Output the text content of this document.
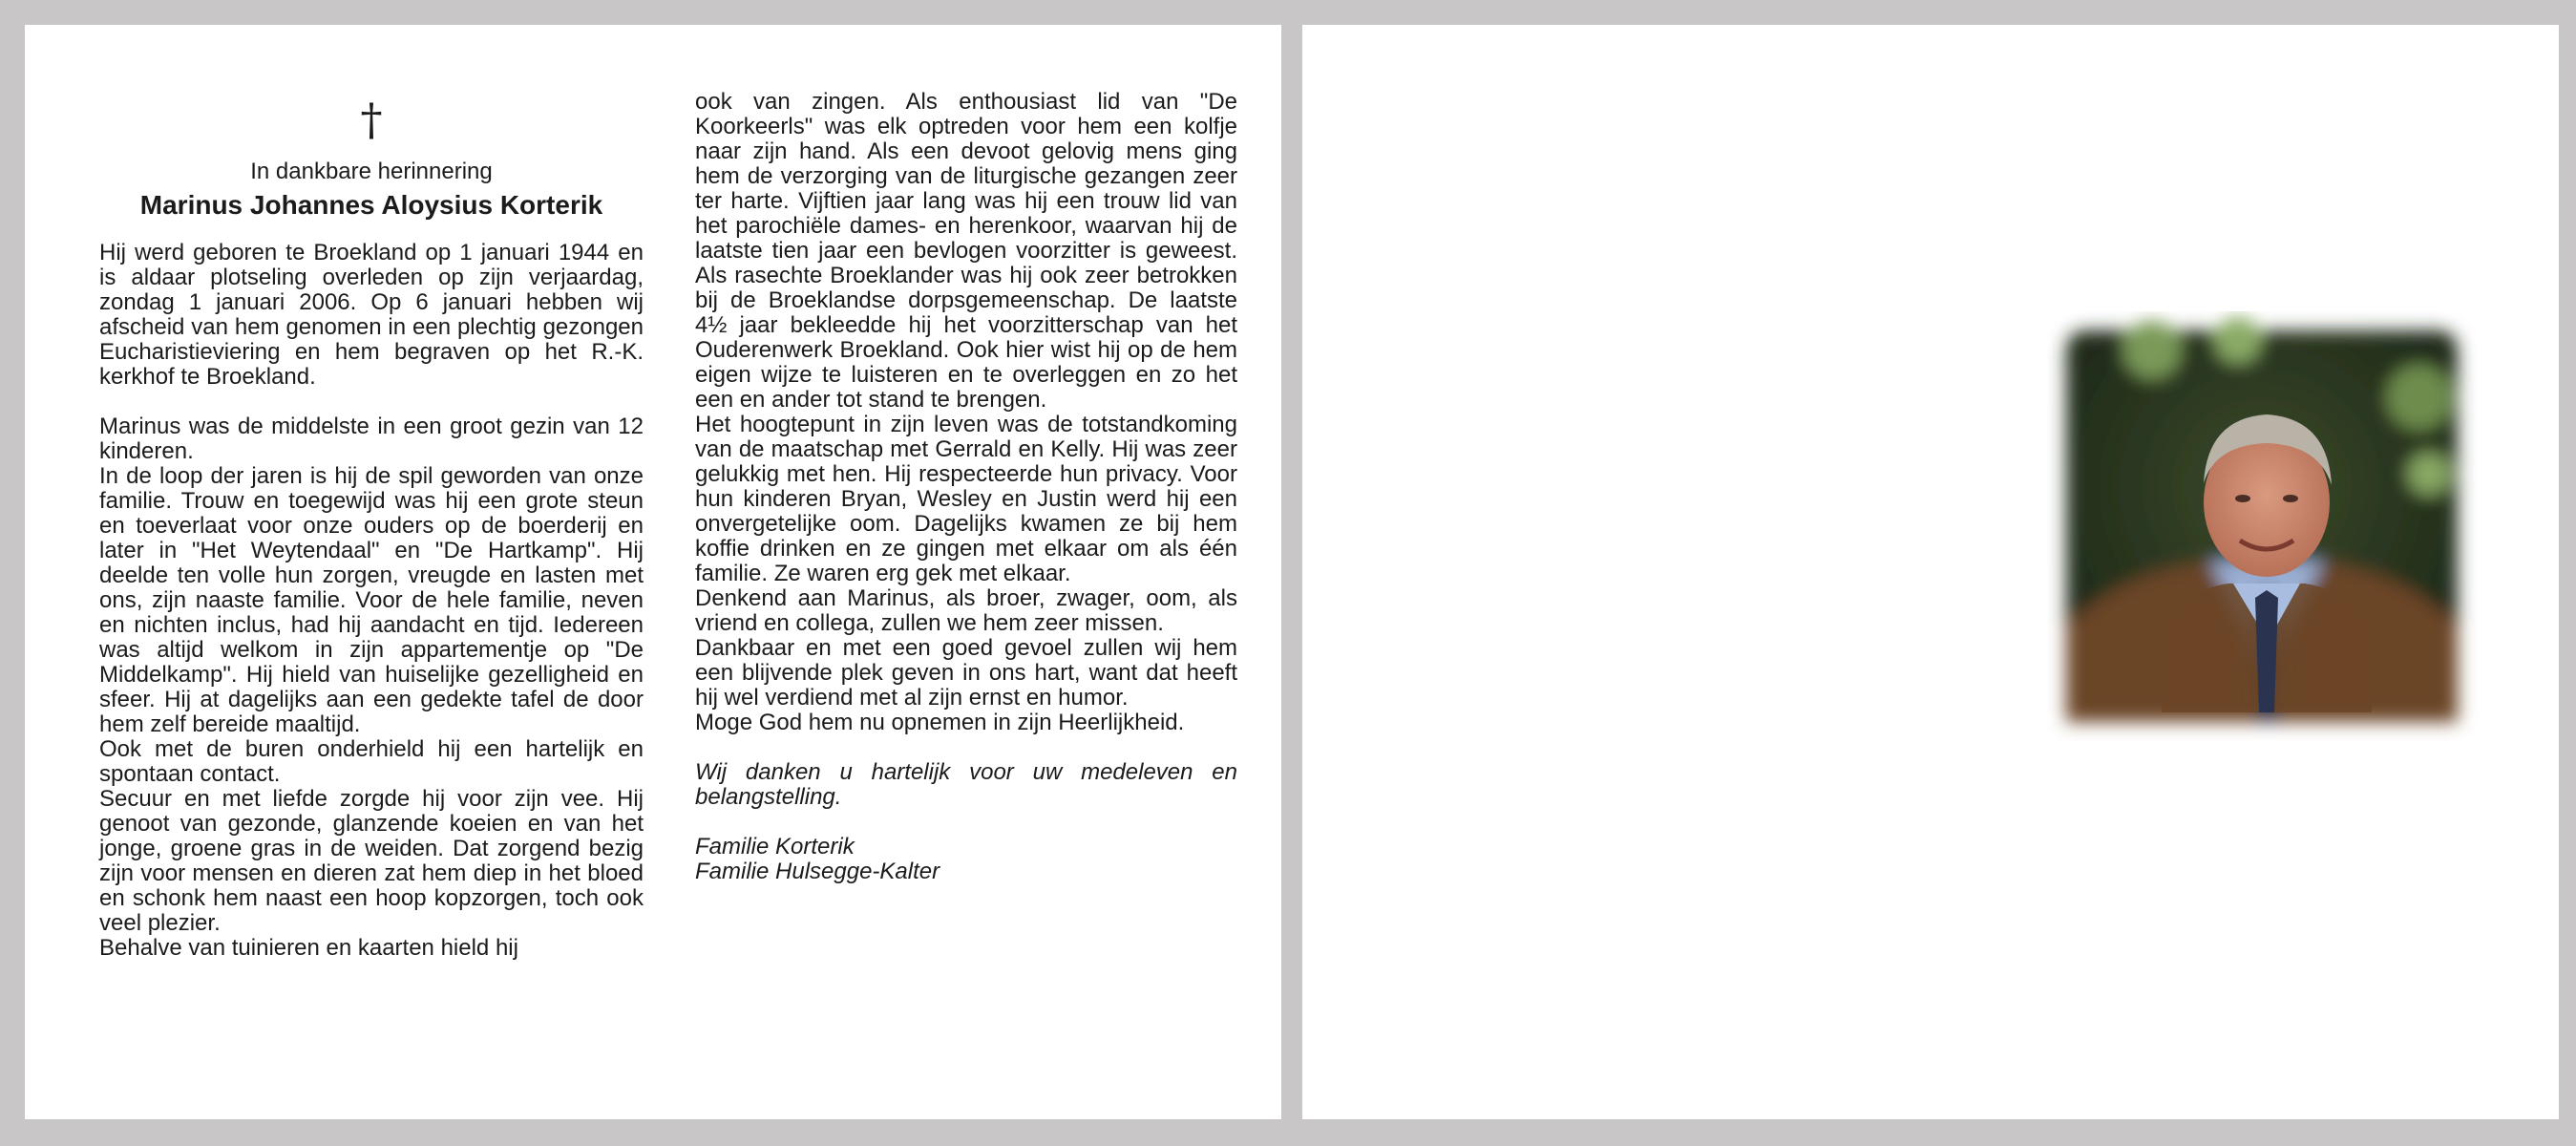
†
In dankbare herinnering
Marinus Johannes Aloysius Korterik

Hij werd geboren te Broekland op 1 januari 1944 en is aldaar plotseling overleden op zijn verjaardag, zondag 1 januari 2006. Op 6 januari hebben wij afscheid van hem genomen in een plechtig gezongen Eucharistieviering en hem begraven op het R.-K. kerkhof te Broekland.

Marinus was de middelste in een groot gezin van 12 kinderen.

In de loop der jaren is hij de spil geworden van onze familie. Trouw en toegewijd was hij een grote steun en toeverlaat voor onze ouders op de boerderij en later in "Het Weytendaal" en "De Hartkamp". Hij deelde ten volle hun zorgen, vreugde en lasten met ons, zijn naaste familie. Voor de hele familie, neven en nichten inclus, had hij aandacht en tijd. Iedereen was altijd welkom in zijn appartementje op "De Middelkamp". Hij hield van huiselijke gezelligheid en sfeer. Hij at dagelijks aan een gedekte tafel de door hem zelf bereide maaltijd.

Ook met de buren onderhield hij een hartelijk en spontaan contact.

Secuur en met liefde zorgde hij voor zijn vee. Hij genoot van gezonde, glanzende koeien en van het jonge, groene gras in de weiden. Dat zorgend bezig zijn voor mensen en dieren zat hem diep in het bloed en schonk hem naast een hoop kopzorgen, toch ook veel plezier.

Behalve van tuinieren en kaarten hield hij

ook van zingen. Als enthousiast lid van "De Koorkeerls" was elk optreden voor hem een kolfje naar zijn hand. Als een devoot gelovig mens ging hem de verzorging van de liturgische gezangen zeer ter harte. Vijftien jaar lang was hij een trouw lid van het parochiële dames- en herenkoor, waarvan hij de laatste tien jaar een bevlogen voorzitter is geweest. Als rasechte Broeklander was hij ook zeer betrokken bij de Broeklandse dorpsgemeenschap. De laatste 4½ jaar bekleedde hij het voorzitterschap van het Ouderenwerk Broekland. Ook hier wist hij op de hem eigen wijze te luisteren en te overleggen en zo het een en ander tot stand te brengen.

Het hoogtepunt in zijn leven was de totstandkoming van de maatschap met Gerrald en Kelly. Hij was zeer gelukkig met hen. Hij respecteerde hun privacy. Voor hun kinderen Bryan, Wesley en Justin werd hij een onvergetelijke oom. Dagelijks kwamen ze bij hem koffie drinken en ze gingen met elkaar om als één familie. Ze waren erg gek met elkaar.

Denkend aan Marinus, als broer, zwager, oom, als vriend en collega, zullen we hem zeer missen.

Dankbaar en met een goed gevoel zullen wij hem een blijvende plek geven in ons hart, want dat heeft hij wel verdiend met al zijn ernst en humor.

Moge God hem nu opnemen in zijn Heerlijkheid.

Wij danken u hartelijk voor uw medeleven en belangstelling.

Familie Korterik

Familie Hulsegge-Kalter
